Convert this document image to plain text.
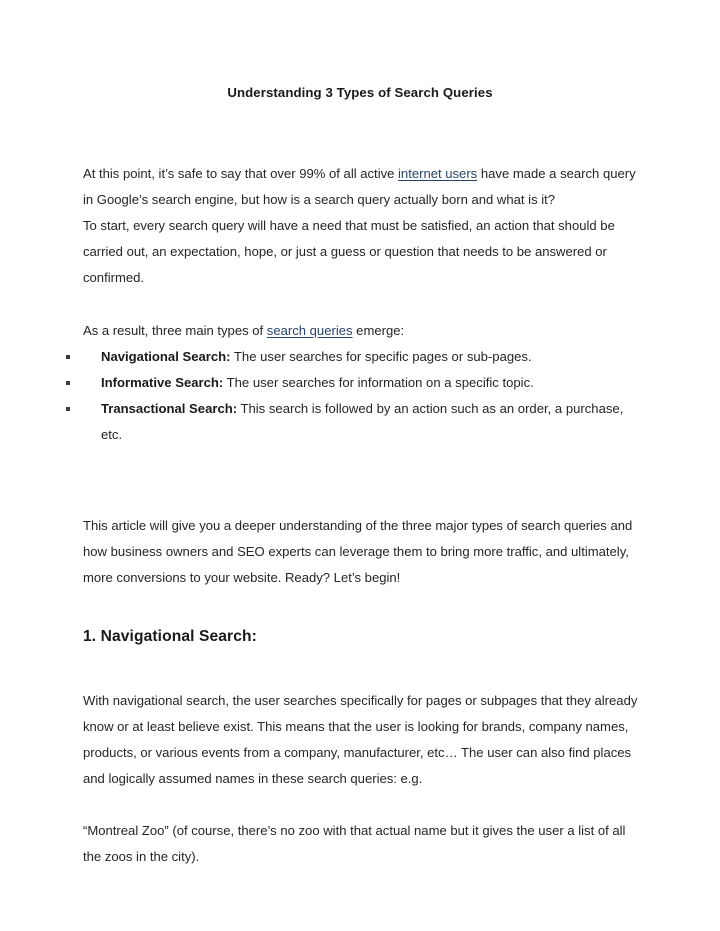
Understanding 3 Types of Search Queries

At this point, it’s safe to say that over 99% of all active internet users have made a search query in Google’s search engine, but how is a search query actually born and what is it?

To start, every search query will have a need that must be satisfied, an action that should be carried out, an expectation, hope, or just a guess or question that needs to be answered or confirmed.

As a result, three main types of search queries emerge:

Navigational Search: The user searches for specific pages or sub-pages.
Informative Search: The user searches for information on a specific topic.
Transactional Search: This search is followed by an action such as an order, a purchase, etc.

This article will give you a deeper understanding of the three major types of search queries and how business owners and SEO experts can leverage them to bring more traffic, and ultimately, more conversions to your website. Ready? Let’s begin!

1. Navigational Search:

With navigational search, the user searches specifically for pages or subpages that they already know or at least believe exist. This means that the user is looking for brands, company names, products, or various events from a company, manufacturer, etc… The user can also find places and logically assumed names in these search queries: e.g.

“Montreal Zoo” (of course, there’s no zoo with that actual name but it gives the user a list of all the zoos in the city).
